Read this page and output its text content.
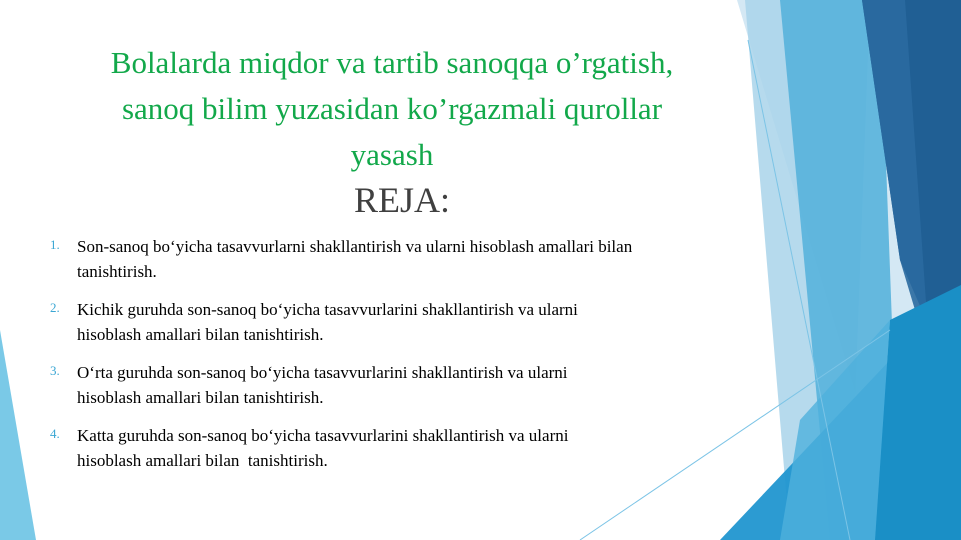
Bolalarda miqdor va tartib sanoqqa o’rgatish,
sanoq bilim yuzasidan ko’rgazmali qurollar
yasash
REJA:
1. Son-sanoq bo‘yicha tasavvurlarni shakllantirish va ularni hisoblash amallari bilan
tanishtirish.
2. Kichik guruhda son-sanoq bo‘yicha tasavvurlarini shakllantirish va ularni
hisoblash amallari bilan tanishtirish.
3. O‘rta guruhda son-sanoq bo‘yicha tasavvurlarini shakllantirish va ularni
hisoblash amallari bilan tanishtirish.
4. Katta guruhda son-sanoq bo‘yicha tasavvurlarini shakllantirish va ularni
hisoblash amallari bilan  tanishtirish.
